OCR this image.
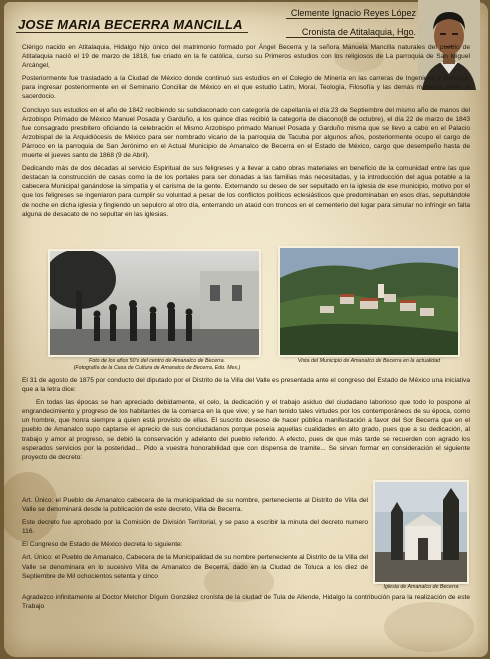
JOSE MARIA BECERRA MANCILLA
Clemente Ignacio Reyes López
Cronista de Atitalaquia, Hgo.

Clérigo nacido en Atitalaquia, Hidalgo hijo único del matrimonio formado por Ángel Becerra y la señora Manuela Mancilla naturales del pueblo de Atitalaquia nació el 19 de marzo de 1818, fue criado en la fe católica, curso su Primeros estudios con los religiosos de La parroquia de San Miguel Arcángel,

Posteriormente fue trasladado a la Ciudad de México donde continuó sus estudios en el Colegio de Minería en las carreras de Ingeniería y Derecho, para ingresar posteriormente en el Seminario Conciliar de México en el que estudio Latín, Moral, Teología, Filosofía y las demás materias afines al sacerdocio.

Concluyo sus estudios en el año de 1842 recibiendo su subdiaconado con categoría de capellanía el día 23 de Septiembre del mismo año de manos del Arzobispo Primado de México Manuel Posada y Garduño, a los quince días recibió la categoría de diacono(8 de octubre), el día 22 de marzo de 1843 fue consagrado presbítero oficiando la celebración el Mismo Arzobispo primado Manuel Posada y Garduño misma que se llevo a cabo en el Palacio Arzobispal de la Arquidiócesis de México para ser nombrado vicario de la parroquia de Tacuba por algunos años, posteriormente ocupo el cargo de Párroco en la parroquia de San Jerónimo en el Actual Municipio de Amanalco de Becerra en el Estado de México, cargo que desempeño hasta de muerte el jueves santo de 1868 (9 de Abril).

Dedicando más de dos décadas al servicio Espiritual de sus feligreses y a llevar a cabo obras materiales en beneficio de la comunidad entre las que destacan la construcción de casas como la de los portales para ser donadas a las familias más necesitadas, y la introducción del agua potable a la cabecera Municipal ganándose la simpatía y el carisma de la gente. Externando su deseo de ser sepultado en la iglesia de ese municipio, motivo por el que los feligreses se ingeniaron para cumplir su voluntad a pesar de los conflictos políticos eclesiásticos que predominaban en esos días, sepultándole de noche en dicha iglesia y fingiendo un sepulcro al otro día, enterrando un ataúd con troncos en el cementerio del lugar para simular no infringir en falta alguna de desacato de no sepultar en las iglesias.

Foto de los años 50's del centro de Amanalco de Becerra.
(Fotografía de la Casa de Cultura de Amanalco de Becerra, Edo. Mex.)
Vista del Municipio de Amanalco de Becerra en la actualidad

El 31 de agosto de 1875 por conducto del diputado por el Distrito de la Villa del Valle es presentada ante el congreso del Estado de México una iniciativa que a la letra dice:

En todas las épocas se han apreciado debidamente, el celo, la dedicación y el trabajo asiduo del ciudadano laborioso que todo lo pospone al engrandecimiento y progreso de los habitantes de la comarca en la que vive; y se han tenido tales virtudes por los contemporáneos de su época, como un hombre, que honra siempre a quien está provisto de ellas. El suscrito deseoso de hacer pública manifestación a favor del Sor Becerra que en el pueblo de Amanalco supo captarse el aprecio de sus conciudadanos porque poseía aquellas cualidades en alto grado, pues que a su dedicación, al trabajo y amor al progreso, se debió la conservación y adelanto del pueblo referido. A efecto, pues de que más tarde se recuerden con agrado los esperados servicios por la posteridad... Pido a vuestra honorabilidad que con dispensa de tramite... Se sirvan formar en consideración el siguiente proyecto de decreto:

Art. Único: el Pueblo de Amanalco cabecera de la municipalidad de su nombre, perteneciente al Distrito de Villa del Valle se denominará desde la publicación de este decreto, Villa de Becerra.

Este decreto fue aprobado por la Comisión de División Territorial, y se paso a escribir la minuta del decreto numero 116.

El Congreso de Estado de México decreta lo siguiente:

Art. Único: el Pueblo de Amanalco, Cabecera de la Municipalidad de su nombre perteneciente al Distrito de la Villa del Valle se denominara en lo sucesivo Villa de Amanalco de Becerra, dado en la Ciudad de Toluca a los diez de Septiembre de Mil ochocientos setenta y cinco

Agradezco infinitamente al Doctor Melchor Díguin González cronista de la ciudad de Tula de Allende, Hidalgo la contribución para la realización de este Trabajo

Iglesia de Amanalco de Becerra
